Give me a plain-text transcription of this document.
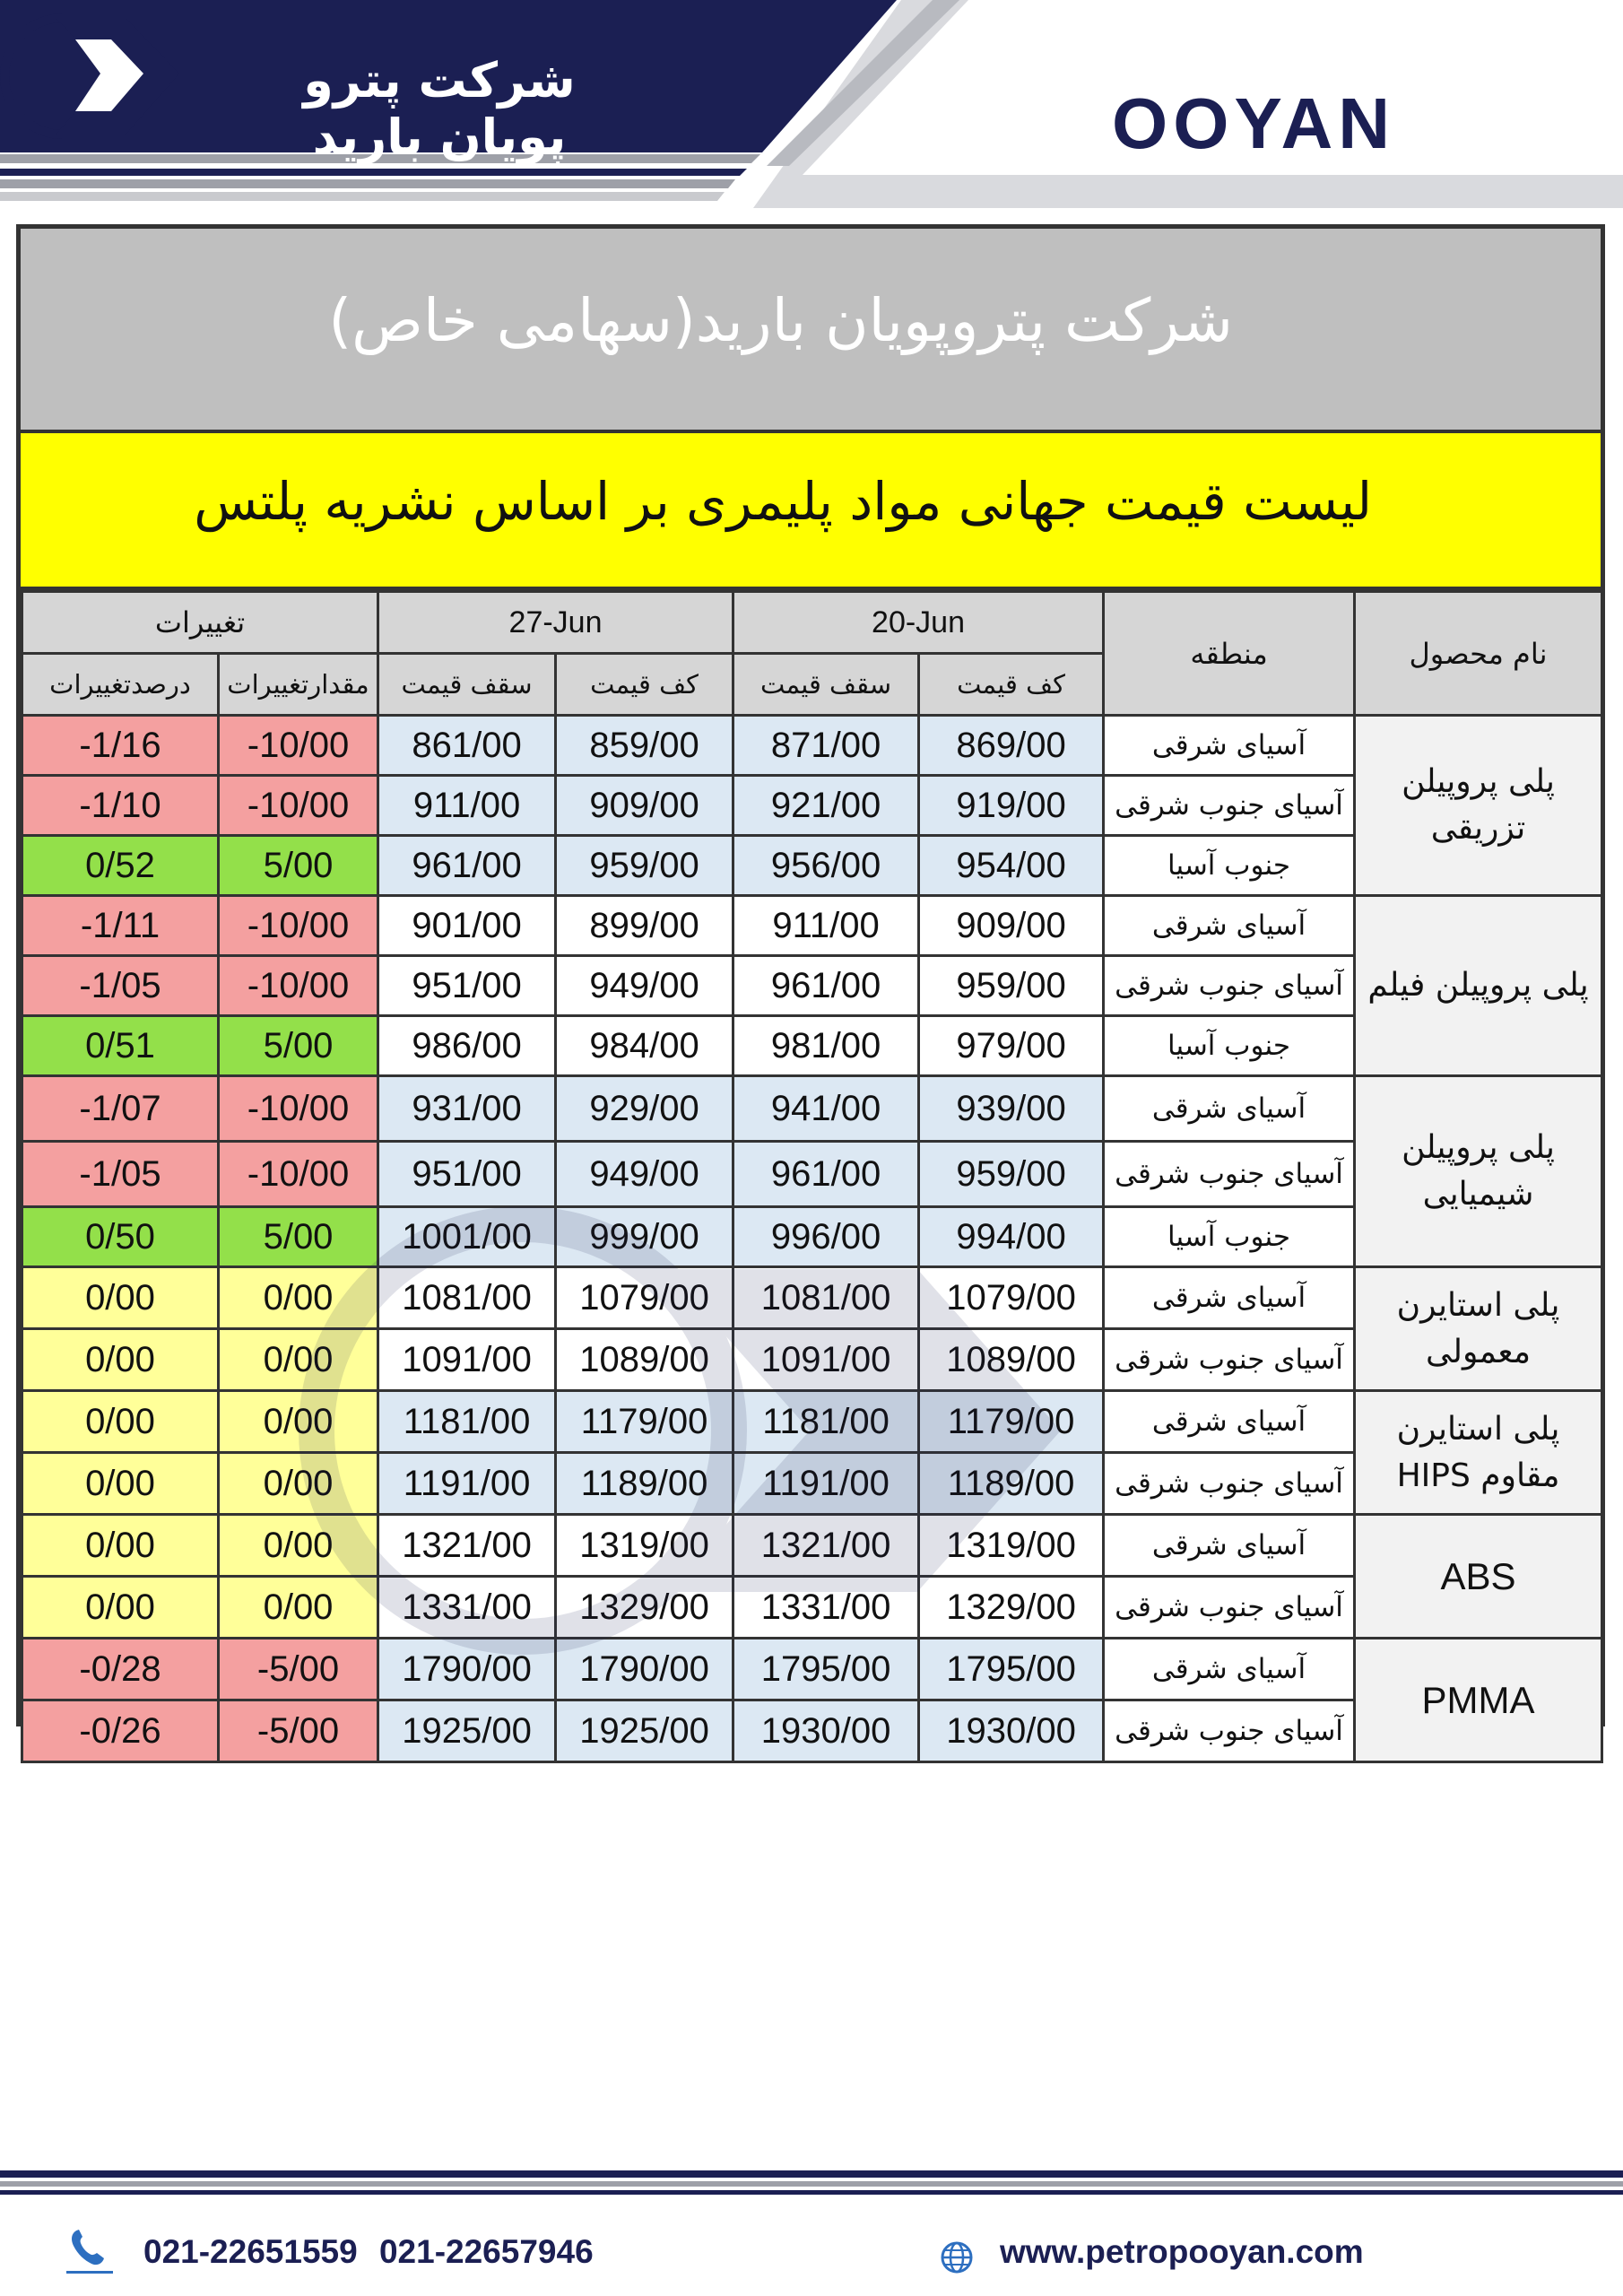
شرکت پترو پویان بارید	OOYAN
شرکت پتروپویان بارید(سهامی خاص)
لیست قیمت جهانی مواد پلیمری بر اساس نشریه پلتس
تغییرات		27-Jun		20-Jun		منطقه	نام محصول
درصدتغییرات	مقدارتغییرات	سقف قیمت	کف قیمت	سقف قیمت	کف قیمت		
-1/16	-10/00	861/00	859/00	871/00	869/00	آسیای شرقی	پلی پروپیلن تزریقی
-1/10	-10/00	911/00	909/00	921/00	919/00	آسیای جنوب شرقی	
0/52	5/00	961/00	959/00	956/00	954/00	جنوب آسیا	
-1/11	-10/00	901/00	899/00	911/00	909/00	آسیای شرقی	پلی پروپیلن فیلم
-1/05	-10/00	951/00	949/00	961/00	959/00	آسیای جنوب شرقی	
0/51	5/00	986/00	984/00	981/00	979/00	جنوب آسیا	
-1/07	-10/00	931/00	929/00	941/00	939/00	آسیای شرقی	پلی پروپیلن شیمیایی
-1/05	-10/00	951/00	949/00	961/00	959/00	آسیای جنوب شرقی	
0/50	5/00	1001/00	999/00	996/00	994/00	جنوب آسیا	
0/00	0/00	1081/00	1079/00	1081/00	1079/00	آسیای شرقی	پلی استایرن معمولی
0/00	0/00	1091/00	1089/00	1091/00	1089/00	آسیای جنوب شرقی	
0/00	0/00	1181/00	1179/00	1181/00	1179/00	آسیای شرقی	پلی استایرن مقاوم HIPS
0/00	0/00	1191/00	1189/00	1191/00	1189/00	آسیای جنوب شرقی	
0/00	0/00	1321/00	1319/00	1321/00	1319/00	آسیای شرقی	ABS
0/00	0/00	1331/00	1329/00	1331/00	1329/00	آسیای جنوب شرقی	
-0/28	-5/00	1790/00	1790/00	1795/00	1795/00	آسیای شرقی	PMMA
-0/26	-5/00	1925/00	1925/00	1930/00	1930/00	آسیای جنوب شرقی	
021-22651559 021-22657946	www.petropooyan.com
